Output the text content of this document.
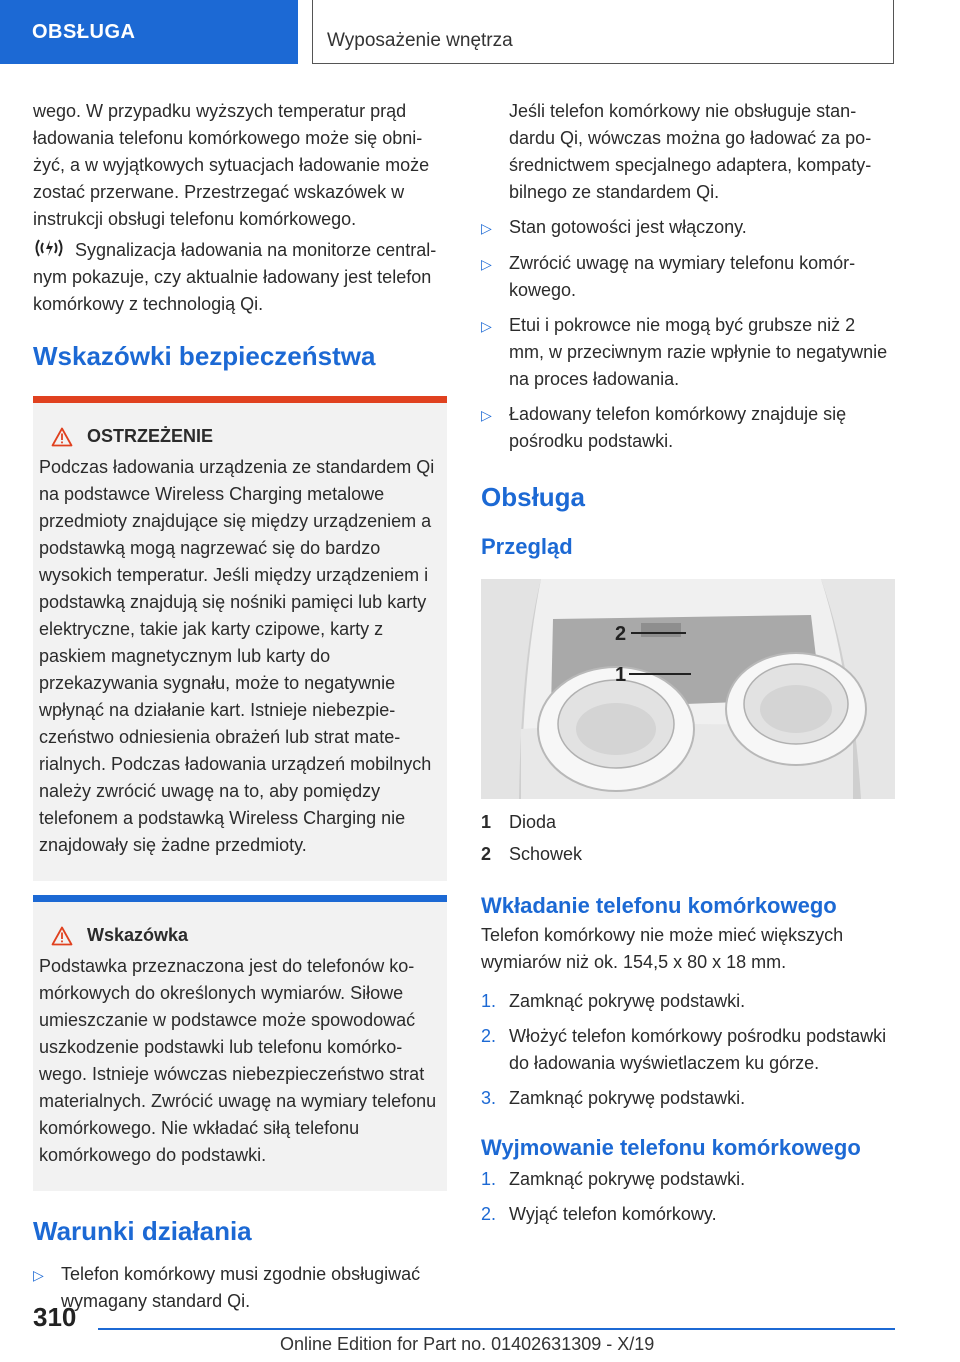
OBSŁUGA	Wyposażenie wnętrza

wego. W przypadku wyższych temperatur prąd ładowania telefonu komórkowego może się obniżyć, a w wyjątkowych sytuacjach ładowanie może zostać przerwane. Przestrzegać wskazówek w instrukcji obsługi telefonu komórkowego.

Sygnalizacja ładowania na monitorze centralnym pokazuje, czy aktualnie ładowany jest telefon komórkowy z technologią Qi.

Wskazówki bezpieczeństwa
OSTRZEŻENIE

Podczas ładowania urządzenia ze standardem Qi na podstawce Wireless Charging metalowe przedmioty znajdujące się między urządzeniem a podstawką mogą nagrzewać się do bardzo wysokich temperatur. Jeśli między urządzeniem i podstawką znajdują się nośniki pamięci lub karty elektryczne, takie jak karty czipowe, karty z paskiem magnetycznym lub karty do przekazywania sygnału, może to negatywnie wpłynąć na działanie kart. Istnieje niebezpieczeństwo odniesienia obrażeń lub strat materialnych. Podczas ładowania urządzeń mobilnych należy zwrócić uwagę na to, aby pomiędzy telefonem a podstawką Wireless Charging nie znajdowały się żadne przedmioty.

Wskazówka

Podstawka przeznaczona jest do telefonów komórkowych do określonych wymiarów. Siłowe umieszczanie w podstawce może spowodować uszkodzenie podstawki lub telefonu komórkowego. Istnieje wówczas niebezpieczeństwo strat materialnych. Zwrócić uwagę na wymiary telefonu komórkowego. Nie wkładać siłą telefonu komórkowego do podstawki.

Warunki działania
▷ Telefon komórkowy musi zgodnie obsługiwać wymagany standard Qi.

Jeśli telefon komórkowy nie obsługuje standardu Qi, wówczas można go ładować za pośrednictwem specjalnego adaptera, kompatybilnego ze standardem Qi.

▷ Stan gotowości jest włączony.
▷ Zwrócić uwagę na wymiary telefonu komórkowego.
▷ Etui i pokrowce nie mogą być grubsze niż 2 mm, w przeciwnym razie wpłynie to negatywnie na proces ładowania.
▷ Ładowany telefon komórkowy znajduje się pośrodku podstawki.
Obsługa
Przegląd
2
1
1 Dioda
2 Schowek
Wkładanie telefonu komórkowego

Telefon komórkowy nie może mieć większych wymiarów niż ok. 154,5 x 80 x 18 mm.

1. Zamknąć pokrywę podstawki.
2. Włożyć telefon komórkowy pośrodku podstawki do ładowania wyświetlaczem ku górze.
3. Zamknąć pokrywę podstawki.
Wyjmowanie telefonu komórkowego
1. Zamknąć pokrywę podstawki.
2. Wyjąć telefon komórkowy.
310
Online Edition for Part no. 01402631309 - X/19
